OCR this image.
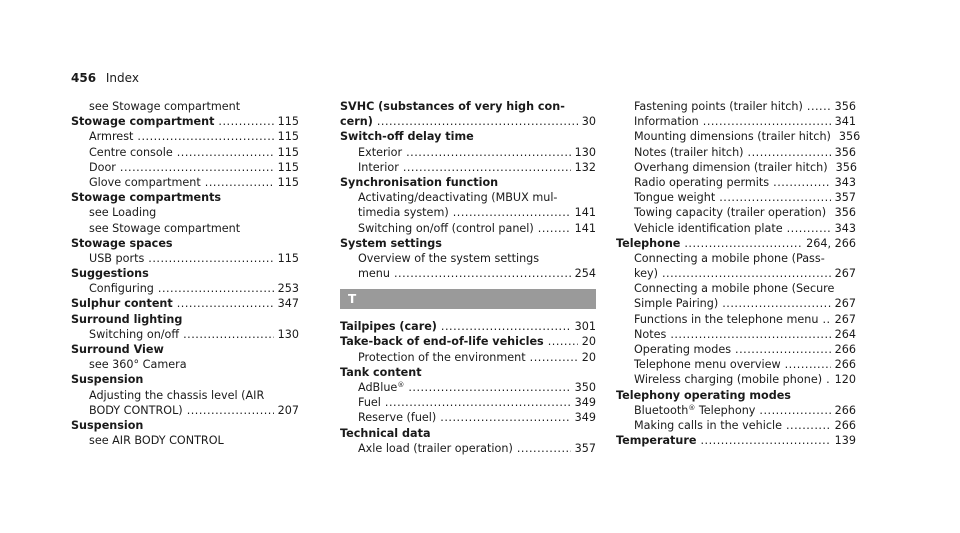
456 Index
see Stowage compartment
Stowage compartment .....	115
Armrest .....	115
Centre console .....	115
Door .....	115
Glove compartment .....	115
Stowage compartments
see Loading
see Stowage compartment
Stowage spaces
USB ports .....	115
Suggestions
Configuring .....	253
Sulphur content .....	347
Surround lighting
Switching on/off .....	130
Surround View
see 360° Camera
Suspension
Adjusting the chassis level (AIR
BODY CONTROL) .....	207
Suspension
see AIR BODY CONTROL
SVHC (substances of very high con-
cern) .....	30
Switch-off delay time
Exterior .....	130
Interior .....	132
Synchronisation function
Activating/deactivating (MBUX mul-
timedia system) .....	141
Switching on/off (control panel) .....	141
System settings
Overview of the system settings
menu .....	254
T
Tailpipes (care) .....	301
Take-back of end-of-life vehicles .....	20
Protection of the environment .....	20
Tank content
AdBlue® .....	350
Fuel .....	349
Reserve (fuel) .....	349
Technical data
Axle load (trailer operation) .....	357
Fastening points (trailer hitch) .....	356
Information .....	341
Mounting dimensions (trailer hitch) 356
Notes (trailer hitch) .....	356
Overhang dimension (trailer hitch) 356
Radio operating permits .....	343
Tongue weight .....	357
Towing capacity (trailer operation) ..... 356
Vehicle identification plate .....	343
Telephone .....	264, 266
Connecting a mobile phone (Pass-
key) .....	267
Connecting a mobile phone (Secure
Simple Pairing) .....	267
Functions in the telephone menu ..... 267
Notes .....	264
Operating modes .....	266
Telephone menu overview .....	266
Wireless charging (mobile phone) ..... 120
Telephony operating modes
Bluetooth® Telephony .....	266
Making calls in the vehicle .....	266
Temperature .....	139
